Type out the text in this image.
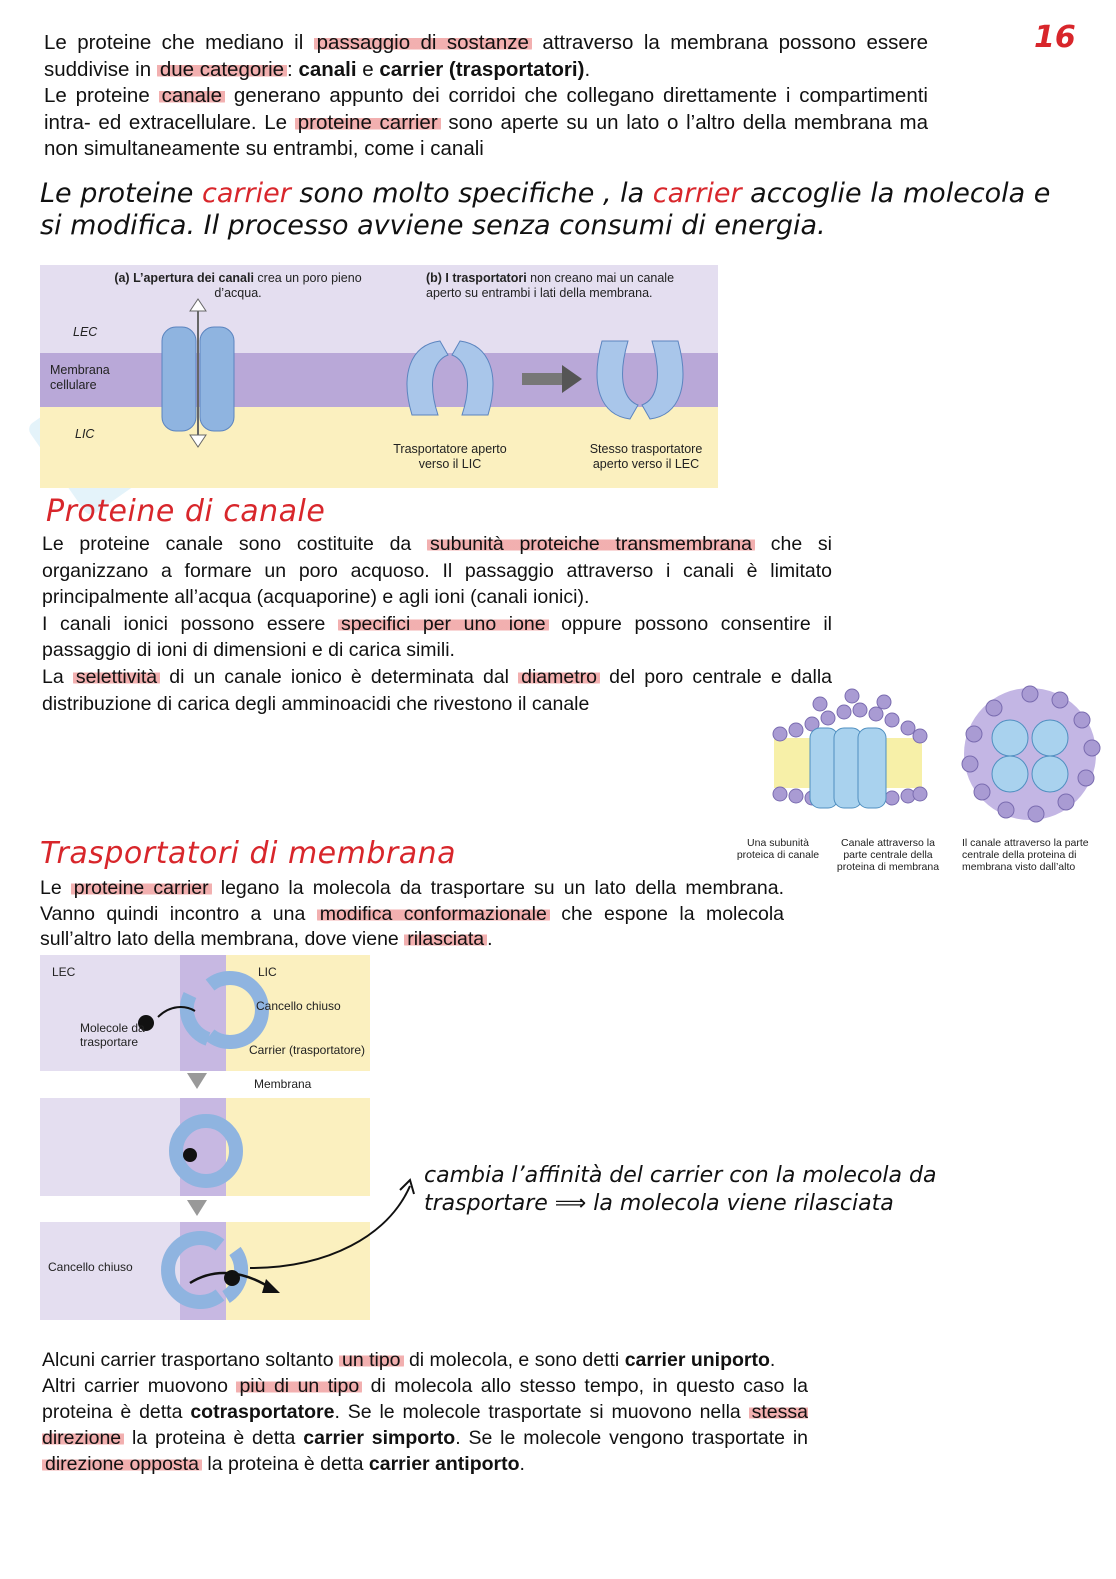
16
Le proteine che mediano il passaggio di sostanze attraverso la membrana possono essere suddivise in due categorie : canali e carrier (trasportatori).
Le proteine canale generano appunto dei corridoi che collegano direttamente i compartimenti intra- ed extracellulare. Le proteine carrier sono aperte su un lato o l’altro della membrana ma non simultaneamente su entrambi, come i canali
Le proteine carrier sono molto specifiche , la carrier accoglie la molecola e si modifica. Il processo avviene senza consumi di energia.
(a) L’apertura dei canali crea un poro pieno d’acqua.
(b) I trasportatori non creano mai un canale aperto su entrambi i lati della membrana.
LEC
Membrana cellulare
LIC
Trasportatore aperto verso il LIC
Stesso trasportatore aperto verso il LEC
Proteine di canale
Le proteine canale sono costituite da subunità proteiche transmembrana che si organizzano a formare un poro acquoso. Il passaggio attraverso i canali è limitato principalmente all’acqua (acquaporine) e agli ioni (canali ionici).
I canali ionici possono essere specifici per uno ione oppure possono consentire il passaggio di ioni di dimensioni e di carica simili.
La selettività di un canale ionico è determinata dal diametro del poro centrale e dalla distribuzione di carica degli amminoacidi che rivestono il canale
Una subunità proteica di canale
Canale attraverso la parte centrale della proteina di membrana
Il canale attraverso la parte centrale della proteina di membrana visto dall’alto
Trasportatori di membrana
Le proteine carrier legano la molecola da trasportare su un lato della membrana. Vanno quindi incontro a una modifica conformazionale che espone la molecola sull’altro lato della membrana, dove viene rilasciata .
LEC	LIC
Cancello chiuso
Molecole da trasportare
Carrier (trasportatore)
Membrana
Cancello chiuso
cambia l’affinità del carrier con la molecola da
trasportare ⟹ la molecola viene rilasciata
Alcuni carrier trasportano soltanto un tipo di molecola, e sono detti carrier uniporto.
Altri carrier muovono più di un tipo di molecola allo stesso tempo, in questo caso la proteina è detta cotrasportatore. Se le molecole trasportate si muovono nella stessa direzione la proteina è detta carrier simporto. Se le molecole vengono trasportate in direzione opposta la proteina è detta carrier antiporto.
